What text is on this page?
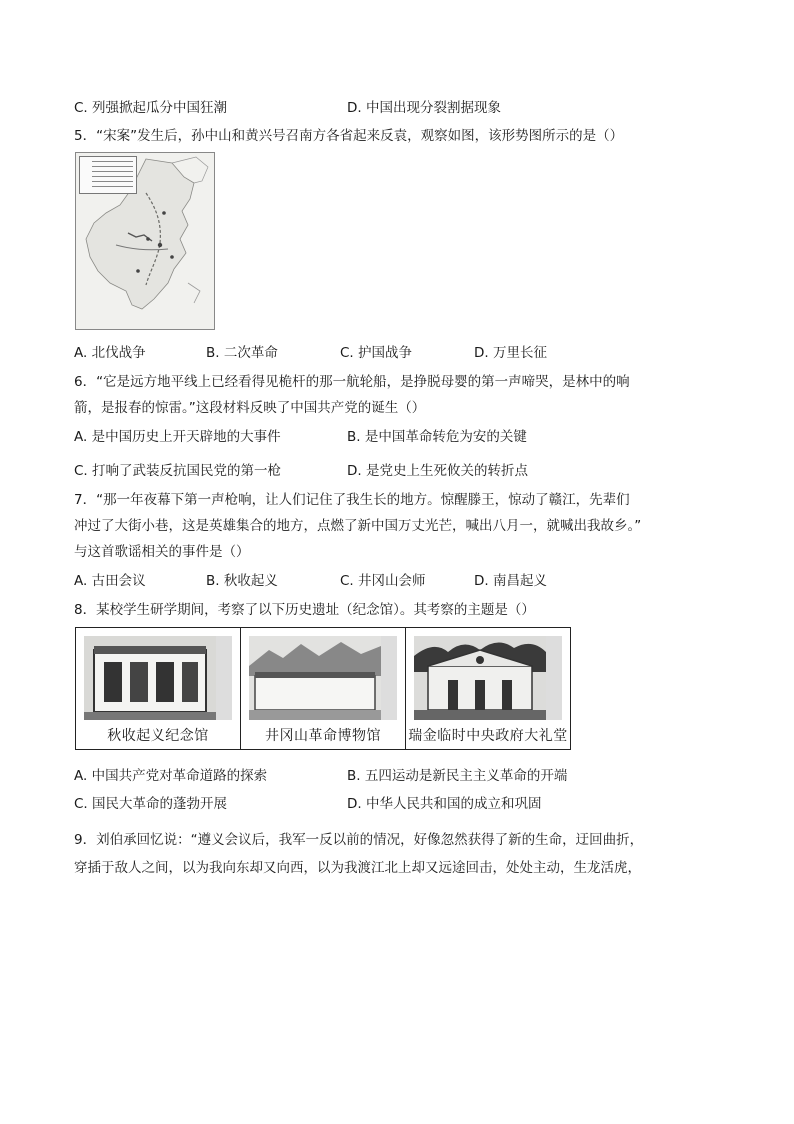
C. 列强掀起瓜分中国狂潮	D. 中国出现分裂割据现象
5．“宋案”发生后，孙中山和黄兴号召南方各省起来反袁，观察如图，该形势图所示的是（）
A. 北伐战争	B. 二次革命	C. 护国战争	D. 万里长征
6．“它是远方地平线上已经看得见桅杆的那一航轮船，是挣脱母婴的第一声啼哭，是林中的响
箭，是报春的惊雷。”这段材料反映了中国共产党的诞生（）
A. 是中国历史上开天辟地的大事件	B. 是中国革命转危为安的关键
C. 打响了武装反抗国民党的第一枪	D. 是党史上生死攸关的转折点
7．“那一年夜幕下第一声枪响，让人们记住了我生长的地方。惊醒滕王，惊动了赣江，先辈们
冲过了大街小巷，这是英雄集合的地方，点燃了新中国万丈光芒，喊出八月一，就喊出我故乡。”
与这首歌谣相关的事件是（）
A. 古田会议	B. 秋收起义	C. 井冈山会师	D. 南昌起义
8．某校学生研学期间，考察了以下历史遗址（纪念馆）。其考察的主题是（）
秋收起义纪念馆	井冈山革命博物馆	瑞金临时中央政府大礼堂
A. 中国共产党对革命道路的探索	B. 五四运动是新民主主义革命的开端
C. 国民大革命的蓬勃开展	D. 中华人民共和国的成立和巩固
9．刘伯承回忆说：“遵义会议后，我军一反以前的情况，好像忽然获得了新的生命，迂回曲折，
穿插于敌人之间，以为我向东却又向西，以为我渡江北上却又远途回击，处处主动，生龙活虎，
